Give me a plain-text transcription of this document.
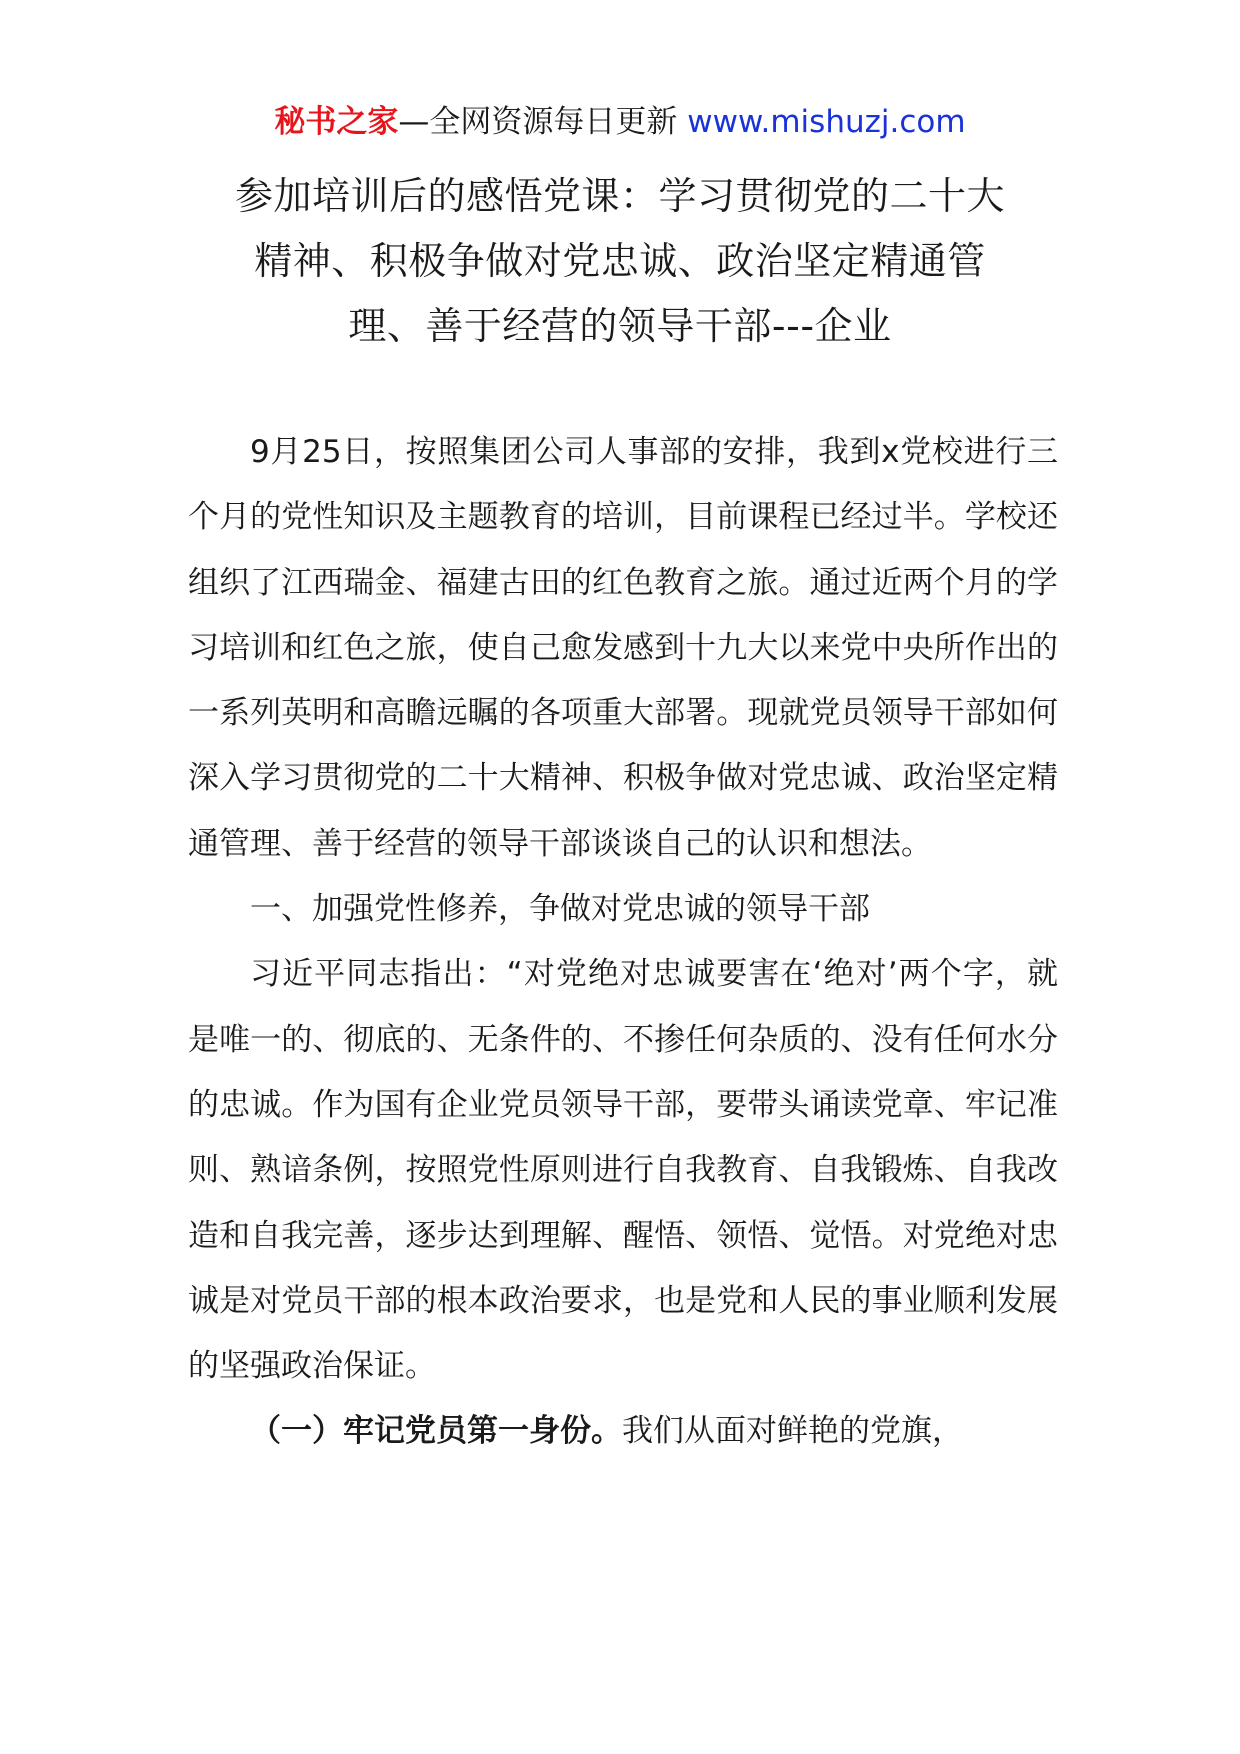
秘书之家—全网资源每日更新 www.mishuzj.com
参加培训后的感悟党课：学习贯彻党的二十大
精神、积极争做对党忠诚、政治坚定精通管
理、善于经营的领导干部---企业

9月25日，按照集团公司人事部的安排，我到x党校进行三个月的党性知识及主题教育的培训，目前课程已经过半。学校还组织了江西瑞金、福建古田的红色教育之旅。通过近两个月的学习培训和红色之旅，使自己愈发感到十九大以来党中央所作出的一系列英明和高瞻远瞩的各项重大部署。现就党员领导干部如何深入学习贯彻党的二十大精神、积极争做对党忠诚、政治坚定精通管理、善于经营的领导干部谈谈自己的认识和想法。

一、加强党性修养，争做对党忠诚的领导干部

习近平同志指出：“对党绝对忠诚要害在‘绝对’两个字，就是唯一的、彻底的、无条件的、不掺任何杂质的、没有任何水分的忠诚。作为国有企业党员领导干部，要带头诵读党章、牢记准则、熟谙条例，按照党性原则进行自我教育、自我锻炼、自我改造和自我完善，逐步达到理解、醒悟、领悟、觉悟。对党绝对忠诚是对党员干部的根本政治要求，也是党和人民的事业顺利发展的坚强政治保证。

（一）牢记党员第一身份。我们从面对鲜艳的党旗，
